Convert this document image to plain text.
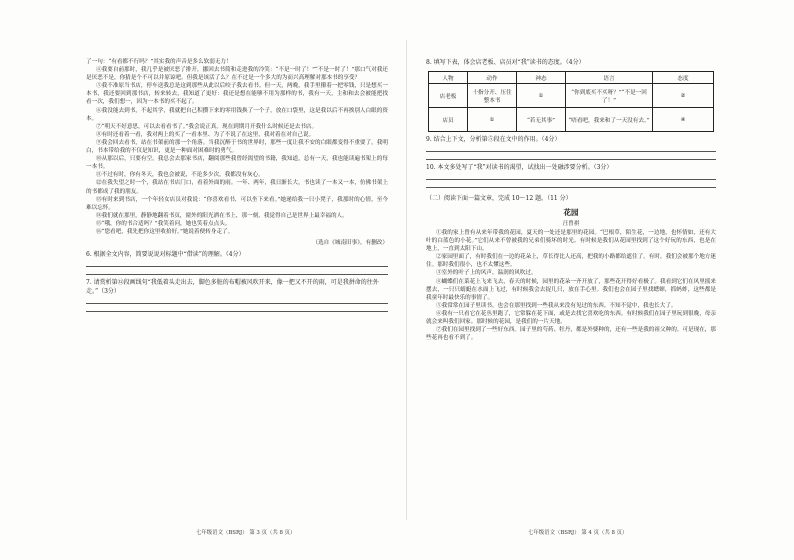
了一句：“有看都不行吗？”其实我的声音是多么软弱无力！

④我要自前那时，我几乎是被厌恶了排开，挪回去书简和走进我的冷笑：“不是一时了！”“不是一时了！”那口气对我还是厌恶不是，你猜是个不可以并原谅吧。但我是该活了么？在不过是一个多大的为而兴高理解对那本书的享受？

⑤我不准原当书店，停车送我总是这到那些从此以后咬子我去看书。但一天，两晚，我手里攥着一把零钱，只是想买一本书，我还要回到那书店，转来转去，我知道了更好：我还是想在能够不用为那样的书，我有一天，主和和去会被能把找看一次，我们想一，因为一本书的买不起了。

⑥我没能去到书，不起其学，我就把自己积攒下来的零用钱换了一个子，放在口袋里，这是我以后不再挨别人白眼的资本。

⑦“明天不好意思，可以去看看书了。”我会说正真。现在到期月开我什么时候还是去书店。

⑧有时还看着一看，我对两上的买了一看本里、为了不说了在这里，我对着在对自己说。

⑨我会回去看书，站在书架前的那一个角落。当我沉醉于书的世界时，那些一度让我不安的白眼都变得不重要了，我明白，书本带给我的不仅是知识，更是一种面对困难时的勇气。

⑩从那以后，只要有空，我总会去那家书店，翻阅那些我曾经渴望的书籍，我知道，总有一天，我也能读遍书架上的每一本书。

⑪不过有时，你有冬天，我也会被说，不论多少次，我都没有灰心。

⑫在我失望之时一个，我站在书店门口，看着外面的雨。一年、两年，我日渐长大，书也读了一本又一本，仿佛书架上的书都成了我的朋友。

⑬有时来到书店，一个年轻女店员对我说：“你喜欢看书，可以坐下来看。”她递给我一只小凳子，我那时的心情，至今难以忘怀。

⑭我们就在那里，静静地翻着书页，窗外的阳光洒在书上，那一刻，我觉得自己是世界上最幸福的人。

⑮“哦，你的书合适吗？”我笑着问，她也笑着点点头。

⑯“您看吧，我先把你这里收拾好。”她说着便转身走了。

（选自《城南旧事》，有删改）

6. 根据全文内容，简要说说对标题中“借读”的理解。（4分）

7. 请赏析第⑫段画线句“我低着头走出去，脚色多脏的布帽被风吹开来，像一把又不开的雨，可是我拼命的往外走。”（3分）

8. 填写下表，体会店老板、店员对“我”读书的态度。（4分）

人物	动作	神态	语言	态度
店老板	十指分开、压住整本书	①	“你到底买不买呀？”“不是一回了！”	②
店员	①	“若无其事”	“唔看吧，我来和了一天没有去。”	④

9. 结合上下文，分析第⑤段在文中的作用。（4分）

10. 本文多处写了“我”对读书的渴望，试找出一处融涉要分析。（3分）

（二）阅读下面一篇文章，完成 10～12 题。（11 分）

花园

汪曾祺

①我的家上曾有从来年带我的花园，夏天的一处还是那里的花园。“巴根草，陌生花，一边地，也怀情如，还有大叶的白蓝色的小花。”它们从来不曾被我的兄弟们骑坏的时光。有时候是我们从花园里找到了这个好玩的东西，也是在地上，一直到太阳下山。

②家园里面了，有时我们在一边的花朵上，草长得比人还高，把我的小路都给遮住了。有时，我们会被那个地方迷住。那时我们很小，也不太懂这些。

③室外的叶子上的风声，温润的风吹过。

④蝴蝶们在菜花上飞来飞去，春天的时候，园里的花朵一齐开放了，那些花开得好看极了。我看到它们在风里摇来摆去，一只只蜻蜓在水面上飞过，有时候我会去捉几只，放在手心里。我们也会在园子里找蟋蟀，抓蚂蚱，这些都是我童年时最快乐的事情了。

⑤我常常在园子里读书，也会在那里找到一些我从来没有见过的东西。不知不觉中，我也长大了。

⑥我有一只看它在花丛里跑了，它常躲在花下面，或是去找它喜欢吃的东西。有时候我们在园子里玩到很晚，母亲就会来叫我们回家。那时候的花园，是我们的一片天地。

⑦我们在园里找到了一些好东西。园子里的芍药、牡丹，都是外婆种的，还有一些是我的祖父种的。可是现在，那些花再也看不到了。

七年级语文（BSRJ） 第 3 页（共 8 页）	七年级语文（BSRJ） 第 4 页（共 8 页）
